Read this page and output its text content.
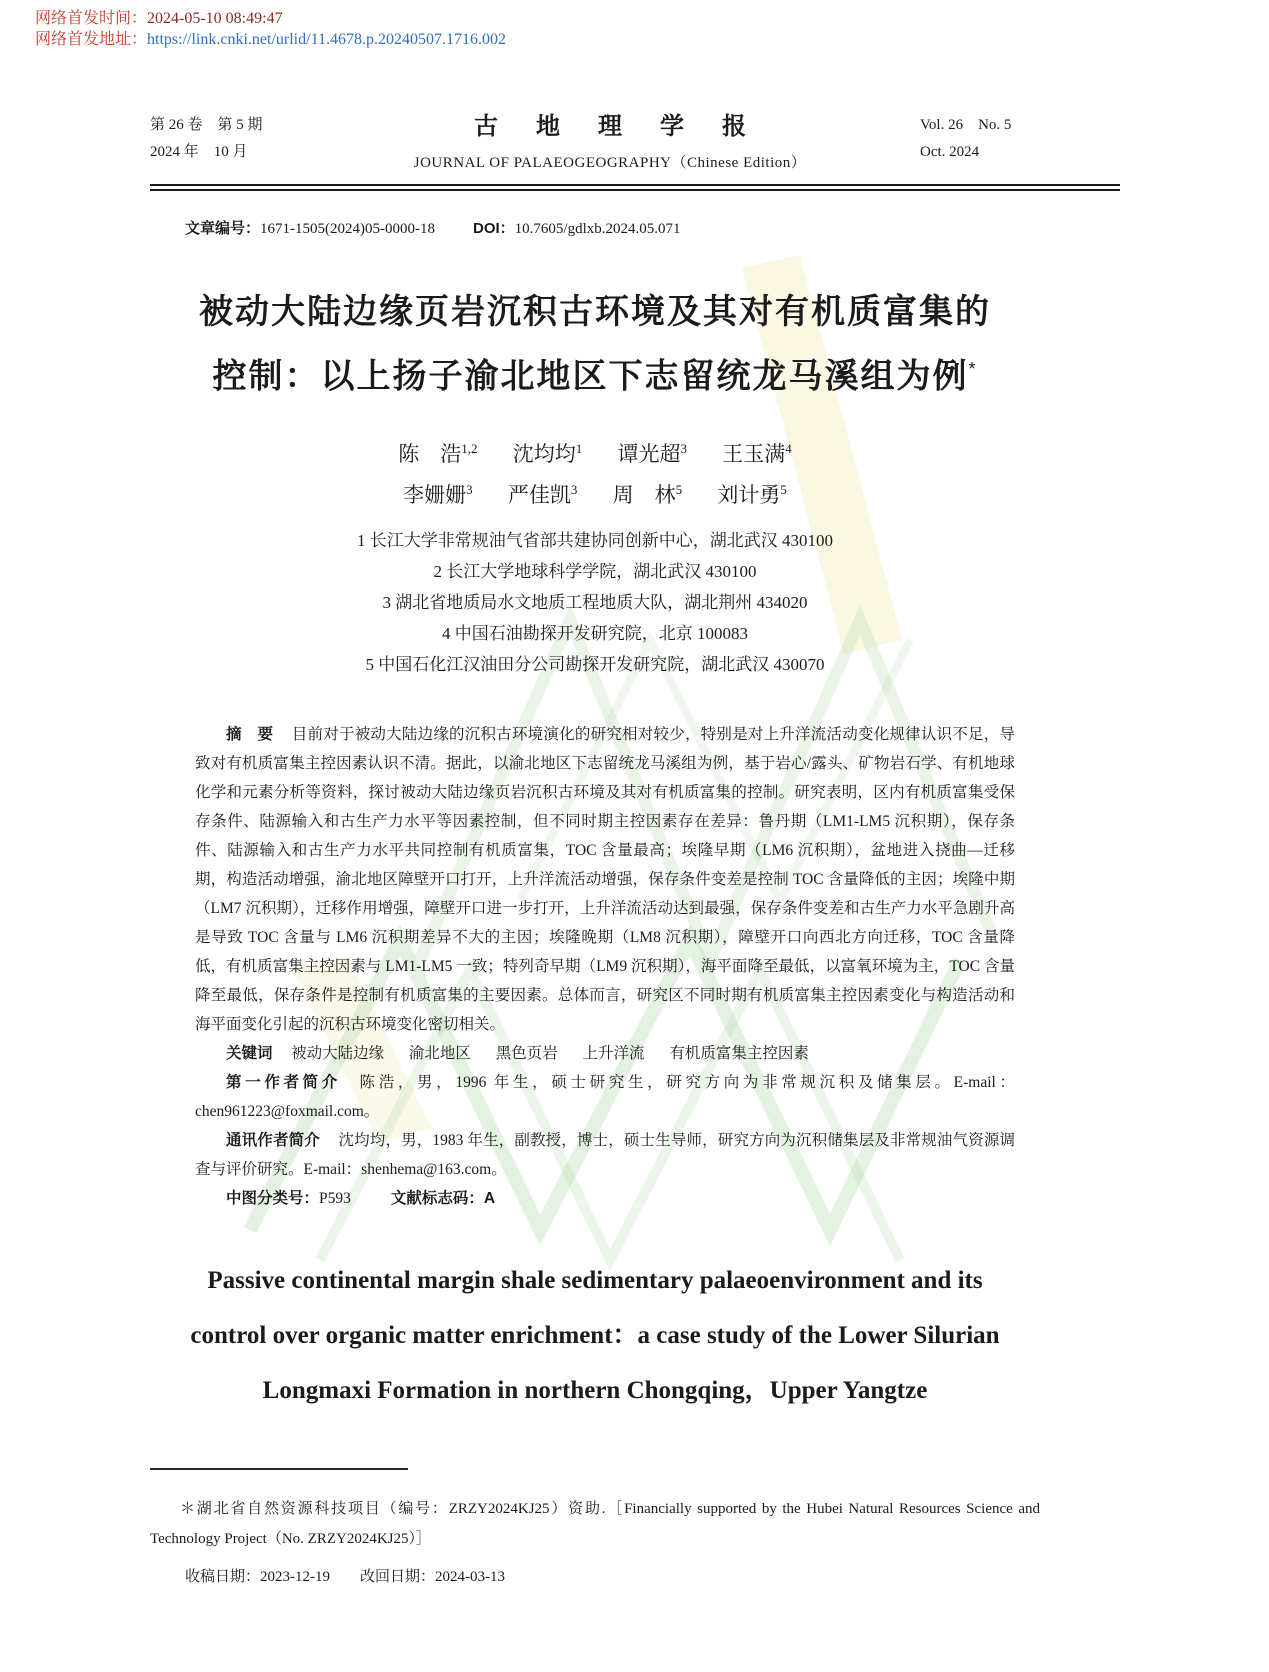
网络首发时间：2024-05-10 08:49:47
网络首发地址：https://link.cnki.net/urlid/11.4678.p.20240507.1716.002
第 26 卷　第 5 期
2024 年　10 月
古地理学报
JOURNAL OF PALAEOGEOGRAPHY（Chinese Edition）
Vol. 26　No. 5
Oct. 2024
文章编号：1671-1505(2024)05-0000-18	DOI：10.7605/gdlxb.2024.05.071
被动大陆边缘页岩沉积古环境及其对有机质富集的
控制：以上扬子渝北地区下志留统龙马溪组为例*
陈　浩$^{1,2}$ 沈均均$^1$ 谭光超$^3$ 王玉满$^4$
李姗姗$^3$ 严佳凯$^3$ 周　林$^5$ 刘计勇$^5$
1 长江大学非常规油气省部共建协同创新中心，湖北武汉 430100
2 长江大学地球科学学院，湖北武汉 430100
3 湖北省地质局水文地质工程地质大队，湖北荆州 434020
4 中国石油勘探开发研究院，北京 100083
5 中国石化江汉油田分公司勘探开发研究院，湖北武汉 430070

摘　要 目前对于被动大陆边缘的沉积古环境演化的研究相对较少，特别是对上升洋流活动变化规律认识不足，导致对有机质富集主控因素认识不清。据此，以渝北地区下志留统龙马溪组为例，基于岩心/露头、矿物岩石学、有机地球化学和元素分析等资料，探讨被动大陆边缘页岩沉积古环境及其对有机质富集的控制。研究表明，区内有机质富集受保存条件、陆源输入和古生产力水平等因素控制，但不同时期主控因素存在差异：鲁丹期（LM1-LM5 沉积期），保存条件、陆源输入和古生产力水平共同控制有机质富集，TOC 含量最高；埃隆早期（LM6 沉积期），盆地进入挠曲—迁移期，构造活动增强，渝北地区障壁开口打开，上升洋流活动增强，保存条件变差是控制 TOC 含量降低的主因；埃隆中期（LM7 沉积期），迁移作用增强，障壁开口进一步打开，上升洋流活动达到最强，保存条件变差和古生产力水平急剧升高是导致 TOC 含量与 LM6 沉积期差异不大的主因；埃隆晚期（LM8 沉积期），障壁开口向西北方向迁移，TOC 含量降低，有机质富集主控因素与 LM1-LM5 一致；特列奇早期（LM9 沉积期），海平面降至最低，以富氧环境为主，TOC 含量降至最低，保存条件是控制有机质富集的主要因素。总体而言，研究区不同时期有机质富集主控因素变化与构造活动和海平面变化引起的沉积古环境变化密切相关。

关键词 被动大陆边缘 渝北地区 黑色页岩 上升洋流 有机质富集主控因素

第一作者简介 陈浩，男，1996 年生，硕士研究生，研究方向为非常规沉积及储集层。E-mail：chen961223@foxmail.com。

通讯作者简介 沈均均，男，1983 年生，副教授，博士，硕士生导师，研究方向为沉积储集层及非常规油气资源调查与评价研究。E-mail：shenhema@163.com。

中图分类号：P593	文献标志码：A

Passive continental margin shale sedimentary palaeoenvironment and its
control over organic matter enrichment：a case study of the Lower Silurian
Longmaxi Formation in northern Chongqing，Upper Yangtze

＊湖北省自然资源科技项目（编号：ZRZY2024KJ25）资助.［Financially supported by the Hubei Natural Resources Science and Technology Project（No. ZRZY2024KJ25）］

收稿日期：2023-12-19 改回日期：2024-03-13
